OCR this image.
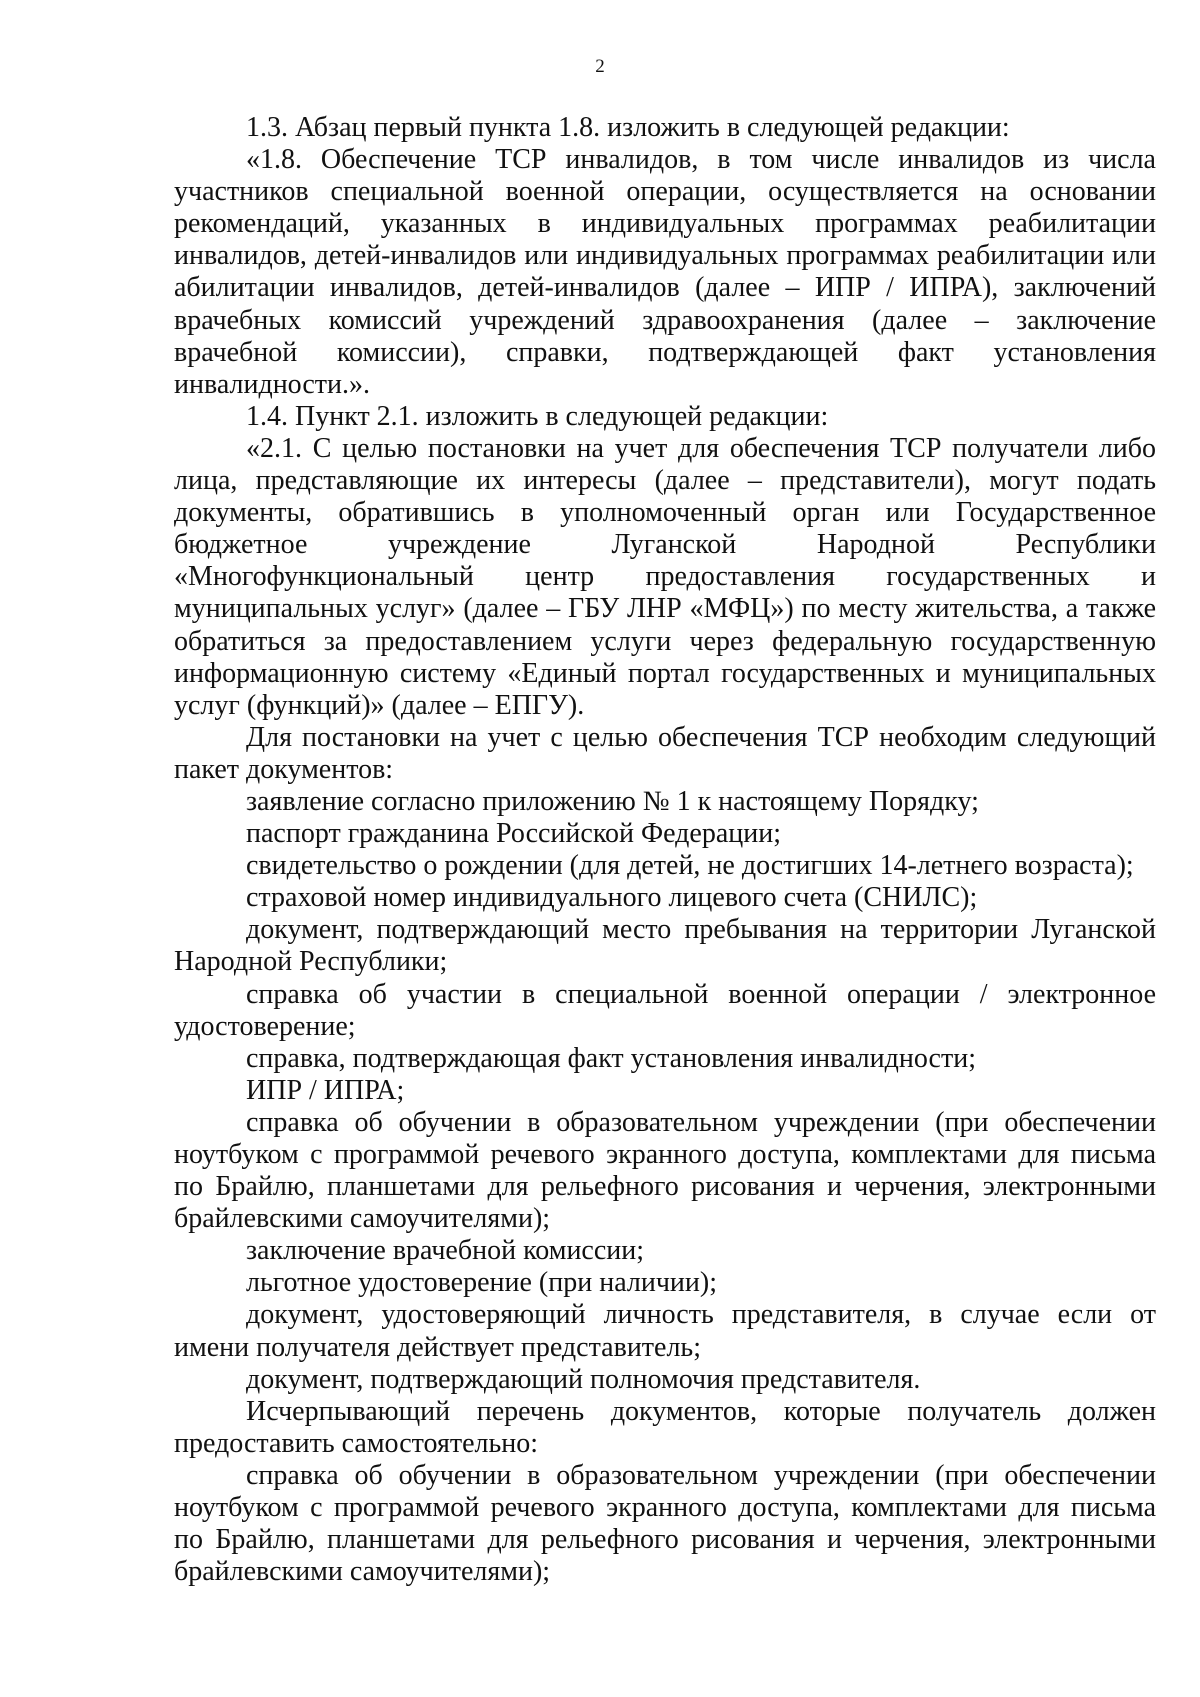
2

1.3. Абзац первый пункта 1.8. изложить в следующей редакции:

«1.8. Обеспечение ТСР инвалидов, в том числе инвалидов из числа участников специальной военной операции, осуществляется на основании рекомендаций, указанных в индивидуальных программах реабилитации инвалидов, детей-инвалидов или индивидуальных программах реабилитации или абилитации инвалидов, детей-инвалидов (далее – ИПР / ИПРА), заключений врачебных комиссий учреждений здравоохранения (далее – заключение врачебной комиссии), справки, подтверждающей факт установления инвалидности.».

1.4. Пункт 2.1. изложить в следующей редакции:

«2.1. С целью постановки на учет для обеспечения ТСР получатели либо лица, представляющие их интересы (далее – представители), могут подать документы, обратившись в уполномоченный орган или Государственное бюджетное учреждение Луганской Народной Республики «Многофункциональный центр предоставления государственных и муниципальных услуг» (далее – ГБУ ЛНР «МФЦ») по месту жительства, а также обратиться за предоставлением услуги через федеральную государственную информационную систему «Единый портал государственных и муниципальных услуг (функций)» (далее – ЕПГУ).

Для постановки на учет с целью обеспечения ТСР необходим следующий пакет документов:

заявление согласно приложению № 1 к настоящему Порядку;

паспорт гражданина Российской Федерации;

свидетельство о рождении (для детей, не достигших 14-летнего возраста);

страховой номер индивидуального лицевого счета (СНИЛС);

документ, подтверждающий место пребывания на территории Луганской Народной Республики;

справка об участии в специальной военной операции / электронное удостоверение;

справка, подтверждающая факт установления инвалидности;

ИПР / ИПРА;

справка об обучении в образовательном учреждении (при обеспечении ноутбуком с программой речевого экранного доступа, комплектами для письма по Брайлю, планшетами для рельефного рисования и черчения, электронными брайлевскими самоучителями);

заключение врачебной комиссии;

льготное удостоверение (при наличии);

документ, удостоверяющий личность представителя, в случае если от имени получателя действует представитель;

документ, подтверждающий полномочия представителя.

Исчерпывающий перечень документов, которые получатель должен предоставить самостоятельно:

справка об обучении в образовательном учреждении (при обеспечении ноутбуком с программой речевого экранного доступа, комплектами для письма по Брайлю, планшетами для рельефного рисования и черчения, электронными брайлевскими самоучителями);
